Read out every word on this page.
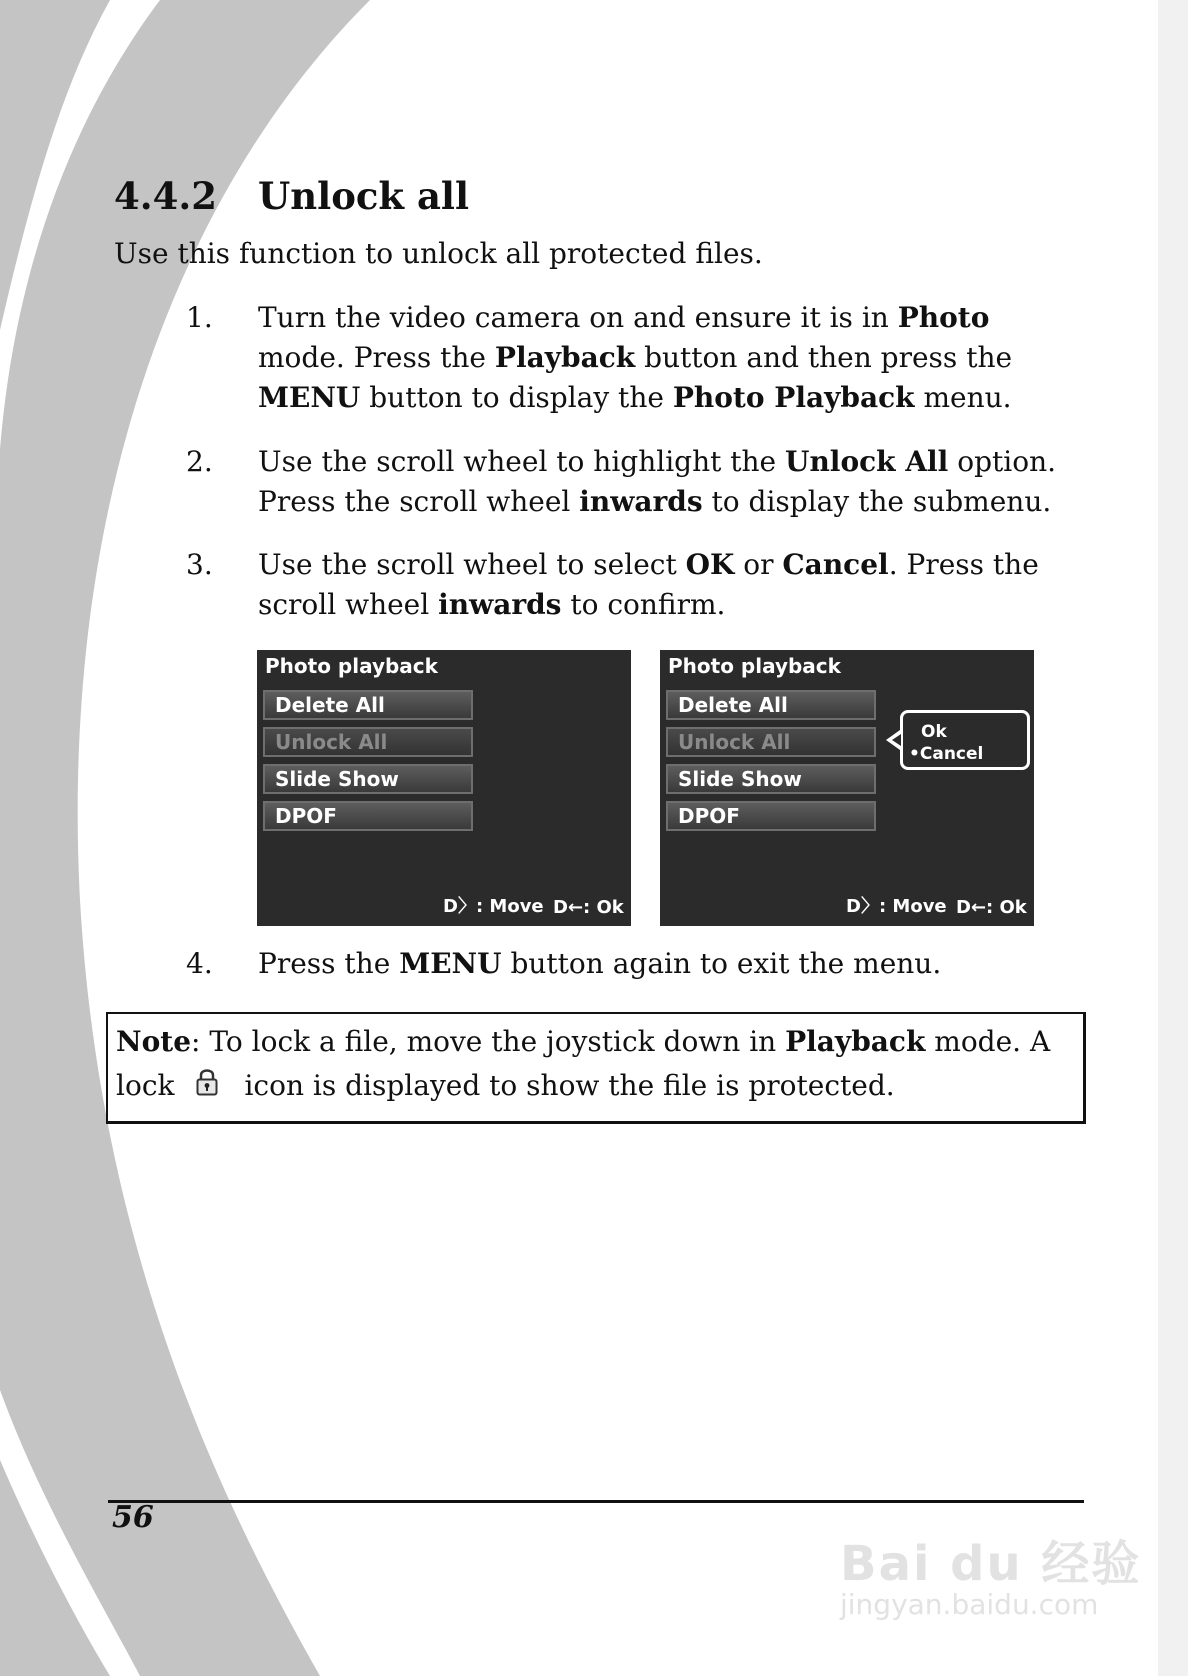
4.4.2 Unlock all
Use this function to unlock all protected files.
1. Turn the video camera on and ensure it is in Photo mode. Press the Playback button and then press the MENU button to display the Photo Playback menu.
2. Use the scroll wheel to highlight the Unlock All option. Press the scroll wheel inwards to display the submenu.
3. Use the scroll wheel to select OK or Cancel. Press the scroll wheel inwards to confirm.
Photo playback
Delete All
Unlock All
Slide Show
DPOF
D〉: Move D←: Ok
Photo playback
Delete All
Unlock All
Slide Show
DPOF
Ok
•Cancel
D〉: Move D←: Ok
4. Press the MENU button again to exit the menu.
Note: To lock a file, move the joystick down in Playback mode. A lock	icon is displayed to show the file is protected.
56
Bai du 经验
jingyan.baidu.com
